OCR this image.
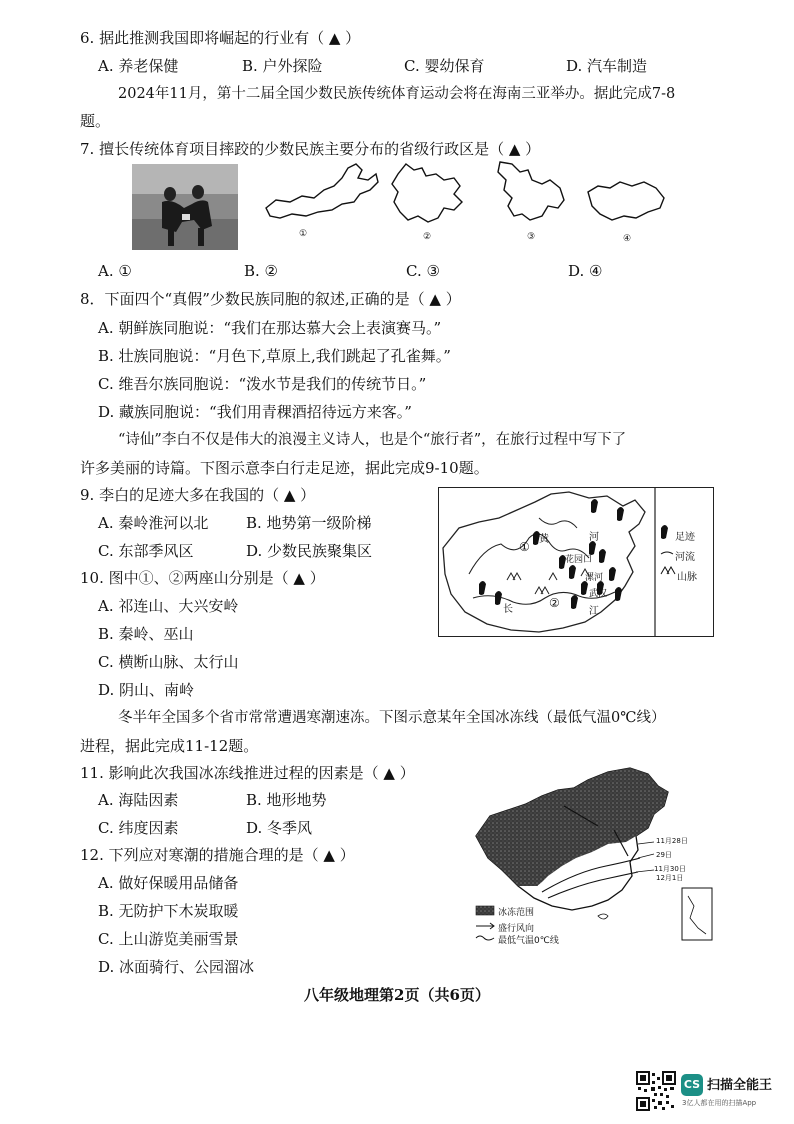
6. 据此推测我国即将崛起的行业有（ ▲ ）
A. 养老保健	B. 户外探险	C. 婴幼保育	D. 汽车制造
2024年11月，第十二届全国少数民族传统体育运动会将在海南三亚举办。据此完成7-8
题。
7. 擅长传统体育项目摔跤的少数民族主要分布的省级行政区是（ ▲ ）
①	②	③	④
A. ①	B. ②	C. ③	D. ④
8．下面四个“真假”少数民族同胞的叙述,正确的是（ ▲ ）
A. 朝鲜族同胞说：“我们在那达慕大会上表演赛马。”
B. 壮族同胞说：“月色下,草原上,我们跳起了孔雀舞。”
C. 维吾尔族同胞说：“泼水节是我们的传统节日。”
D. 藏族同胞说：“我们用青稞酒招待远方来客。”
“诗仙”李白不仅是伟大的浪漫主义诗人，也是个“旅行者”，在旅行过程中写下了
许多美丽的诗篇。下图示意李白行走足迹，据此完成9-10题。
9. 李白的足迹大多在我国的（ ▲ ）
A. 秦岭淮河以北	B. 地势第一级阶梯
C. 东部季风区	D. 少数民族聚集区
10. 图中①、②两座山分别是（ ▲ ）
A. 祁连山、大兴安岭
B. 秦岭、巫山
C. 横断山脉、太行山
D. 阴山、南岭
①
②
黄	河
花园口
漯河
武汉
长	江
足迹
河流
山脉
冬半年全国多个省市常常遭遇寒潮速冻。下图示意某年全国冰冻线（最低气温0℃线）
进程，据此完成11-12题。
11. 影响此次我国冰冻线推进过程的因素是（ ▲ ）
A. 海陆因素	B. 地形地势
C. 纬度因素	D. 冬季风
12. 下列应对寒潮的措施合理的是（ ▲ ）
A. 做好保暖用品储备
B. 无防护下木炭取暖
C. 上山游览美丽雪景
D. 冰面骑行、公园溜冰
11月28日
29日
11月30日
12月1日
冰冻范围
盛行风向
最低气温0℃线
八年级地理第2页（共6页）
CS 扫描全能王
3亿人都在用的扫描App
